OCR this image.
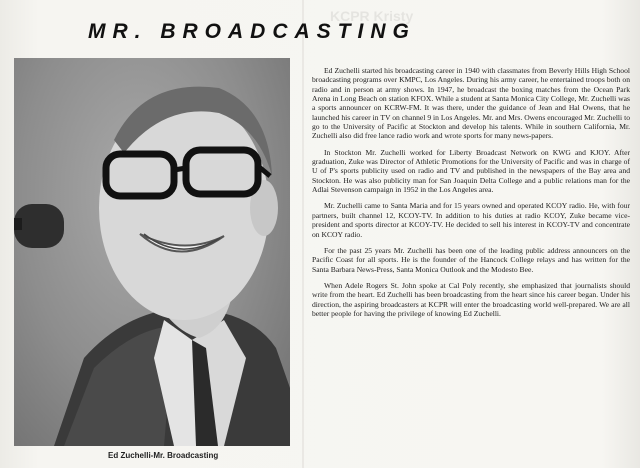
KCPR Kristy
MR. BROADCASTING
Ed Zuchelli-Mr. Broadcasting

Ed Zuchelli started his broadcasting career in 1940 with classmates from Beverly Hills High School broadcasting programs over KMPC, Los Angeles. During his army career, he entertained troops both on radio and in person at army shows. In 1947, he broadcast the boxing matches from the Ocean Park Arena in Long Beach on station KFOX. While a student at Santa Monica City College, Mr. Zuchelli was a sports announcer on KCRW-FM. It was there, under the guidance of Jean and Hal Owens, that he launched his career in TV on channel 9 in Los Angeles. Mr. and Mrs. Owens encouraged Mr. Zuchelli to go to the University of Pacific at Stockton and develop his talents. While in southern California, Mr. Zuchelli also did free lance radio work and wrote sports for many news-papers.

In Stockton Mr. Zuchelli worked for Liberty Broadcast Network on KWG and KJOY. After graduation, Zuke was Director of Athletic Promotions for the University of Pacific and was in charge of U of P's sports publicity used on radio and TV and published in the newspapers of the Bay area and Stockton. He was also publicity man for San Joaquin Delta College and a public relations man for the Adlai Stevenson campaign in 1952 in the Los Angeles area.

Mr. Zuchelli came to Santa Maria and for 15 years owned and operated KCOY radio. He, with four partners, built channel 12, KCOY-TV. In addition to his duties at radio KCOY, Zuke became vice-president and sports director at KCOY-TV. He decided to sell his interest in KCOY-TV and concentrate on KCOY radio.

For the past 25 years Mr. Zuchelli has been one of the leading public address announcers on the Pacific Coast for all sports. He is the founder of the Hancock College relays and has written for the Santa Barbara News-Press, Santa Monica Outlook and the Modesto Bee.

When Adele Rogers St. John spoke at Cal Poly recently, she emphasized that journalists should write from the heart. Ed Zuchelli has been broadcasting from the heart since his career began. Under his direction, the aspiring broadcasters at KCPR will enter the broadcasting world well-prepared. We are all better people for having the privilege of knowing Ed Zuchelli.
